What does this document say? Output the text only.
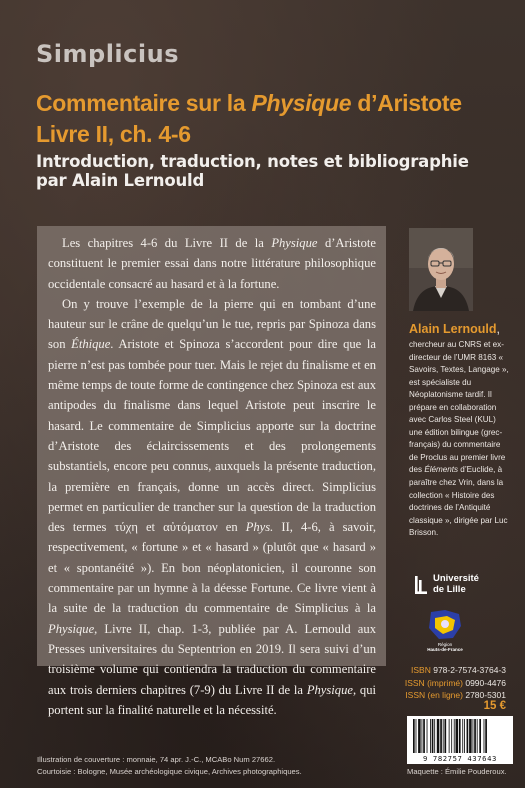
Simplicius
Commentaire sur la Physique d’Aristote
Livre II, ch. 4-6
Introduction, traduction, notes et bibliographie
par Alain Lernould

Les chapitres 4-6 du Livre II de la Physique d’Aristote constituent le premier essai dans notre littérature philosophique occidentale consacré au hasard et à la fortune.

On y trouve l’exemple de la pierre qui en tombant d’une hauteur sur le crâne de quelqu’un le tue, repris par Spinoza dans son Éthique. Aristote et Spinoza s’accordent pour dire que la pierre n’est pas tombée pour tuer. Mais le rejet du finalisme et en même temps de toute forme de contingence chez Spinoza est aux antipodes du finalisme dans lequel Aristote peut inscrire le hasard. Le commentaire de Simplicius apporte sur la doctrine d’Aristote des éclaircissements et des prolongements substantiels, encore peu connus, auxquels la présente traduction, la première en français, donne un accès direct. Simplicius permet en particulier de trancher sur la question de la traduction des termes τύχη et αὐτόματον en Phys. II, 4-6, à savoir, respectivement, « fortune » et « hasard » (plutôt que « hasard » et « spontanéité »). En bon néoplatonicien, il couronne son commentaire par un hymne à la déesse Fortune. Ce livre vient à la suite de la traduction du commentaire de Simplicius à la Physique, Livre II, chap. 1-3, publiée par A. Lernould aux Presses universitaires du Septentrion en 2019. Il sera suivi d’un troisième volume qui contiendra la traduction du commentaire aux trois derniers chapitres (7-9) du Livre II de la Physique, qui portent sur la finalité naturelle et la nécessité.

Alain Lernould,
chercheur au CNRS et ex-directeur de l’UMR 8163 « Savoirs, Textes, Langage », est spécialiste du Néoplatonisme tardif. Il prépare en collaboration avec Carlos Steel (KUL) une édition bilingue (grec-français) du commentaire de Proclus au premier livre des Éléments d’Euclide, à paraître chez Vrin, dans la collection « Histoire des doctrines de l’Antiquité classique », dirigée par Luc Brisson.
Université
de Lille
Région
Hauts-de-France
ISBN 978-2-7574-3764-3
ISSN (imprimé) 0990-4476
ISSN (en ligne) 2780-5301
15 €
9 782757 437643
Maquette : Émilie Pouderoux.
Illustration de couverture : monnaie, 74 apr. J.-C., MCABo Num 27662.
Courtoisie : Bologne, Musée archéologique civique, Archives photographiques.
